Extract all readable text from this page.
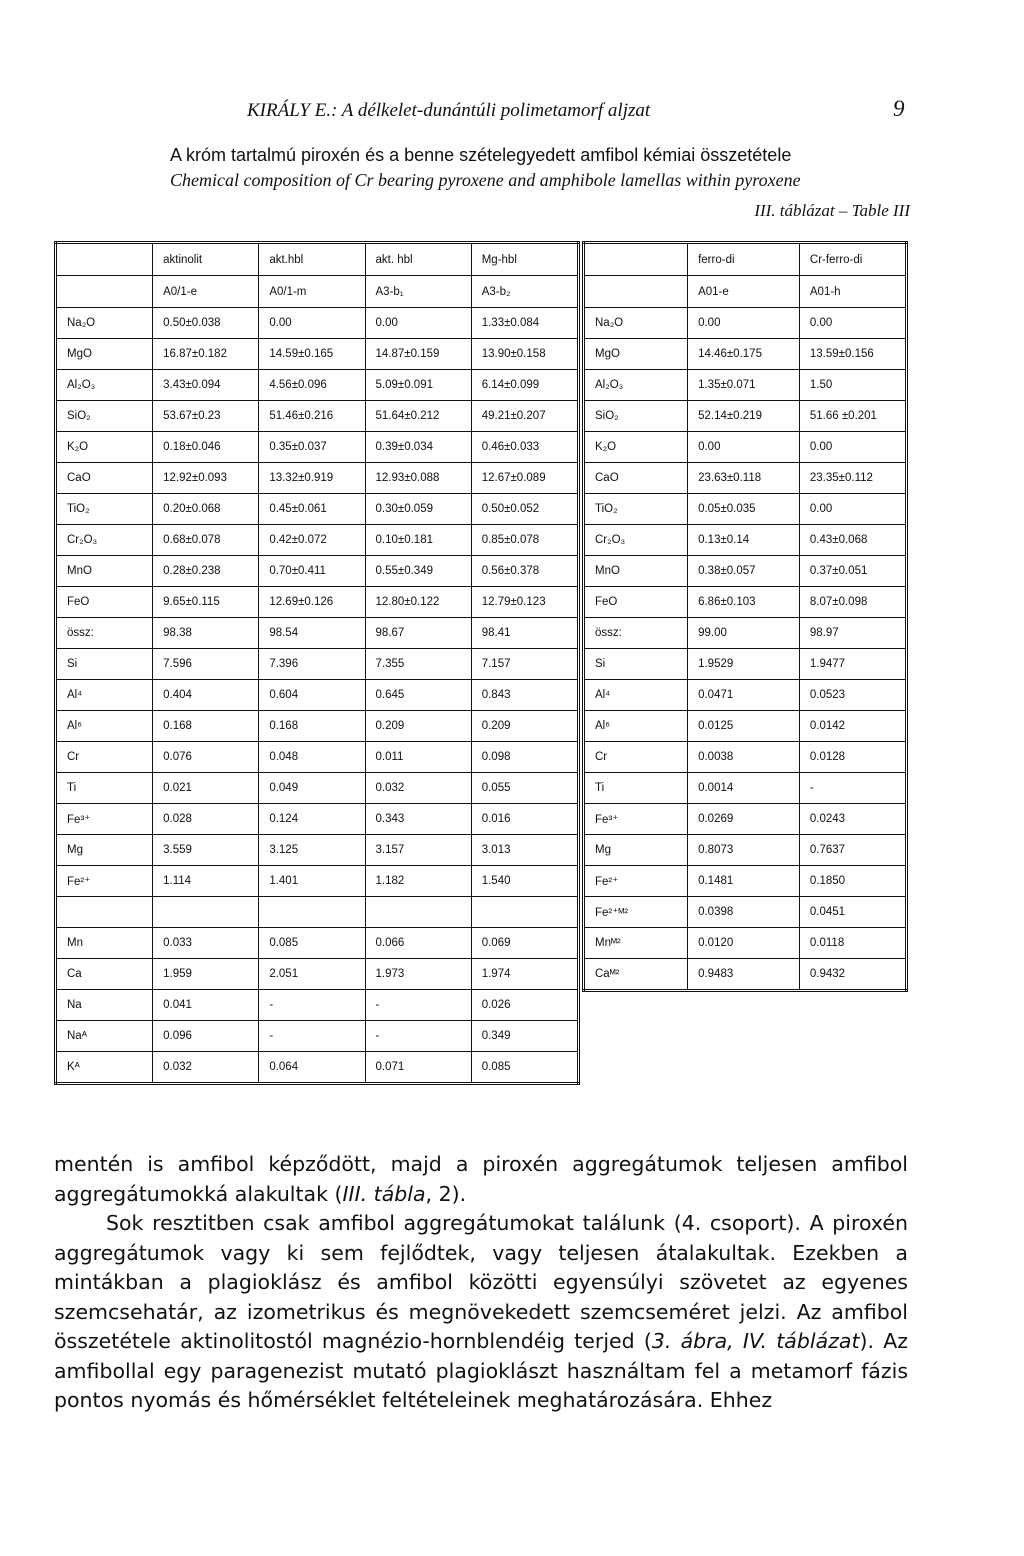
KIRÁLY E.: A délkelet-dunántúli polimetamorf aljzat	9
A króm tartalmú piroxén és a benne szételegyedett amfibol kémiai összetétele
Chemical composition of Cr bearing pyroxene and amphibole lamellas within pyroxene
III. táblázat – Table III
	aktinolit	akt.hbl	akt. hbl	Mg-hbl
	A0/1-e	A0/1-m	A3-b₁	A3-b₂
Na₂O	0.50±0.038	0.00	0.00	1.33±0.084
MgO	16.87±0.182	14.59±0.165	14.87±0.159	13.90±0.158
Al₂O₃	3.43±0.094	4.56±0.096	5.09±0.091	6.14±0.099
SiO₂	53.67±0.23	51.46±0.216	51.64±0.212	49.21±0.207
K₂O	0.18±0.046	0.35±0.037	0.39±0.034	0.46±0.033
CaO	12.92±0.093	13.32±0.919	12.93±0.088	12.67±0.089
TiO₂	0.20±0.068	0.45±0.061	0.30±0.059	0.50±0.052
Cr₂O₃	0.68±0.078	0.42±0.072	0.10±0.181	0.85±0.078
MnO	0.28±0.238	0.70±0.411	0.55±0.349	0.56±0.378
FeO	9.65±0.115	12.69±0.126	12.80±0.122	12.79±0.123
össz:	98.38	98.54	98.67	98.41
Si	7.596	7.396	7.355	7.157
Al⁴	0.404	0.604	0.645	0.843
Al⁶	0.168	0.168	0.209	0.209
Cr	0.076	0.048	0.011	0.098
Ti	0.021	0.049	0.032	0.055
Fe³⁺	0.028	0.124	0.343	0.016
Mg	3.559	3.125	3.157	3.013
Fe²⁺	1.114	1.401	1.182	1.540

Mn	0.033	0.085	0.066	0.069
Ca	1.959	2.051	1.973	1.974
Na	0.041	-	-	0.026
Naᴬ	0.096	-	-	0.349
Kᴬ	0.032	0.064	0.071	0.085
	ferro-di	Cr-ferro-di
	A01-e	A01-h
Na₂O	0.00	0.00
MgO	14.46±0.175	13.59±0.156
Al₂O₃	1.35±0.071	1.50
SiO₂	52.14±0.219	51.66 ±0.201
K₂O	0.00	0.00
CaO	23.63±0.118	23.35±0.112
TiO₂	0.05±0.035	0.00
Cr₂O₃	0.13±0.14	0.43±0.068
MnO	0.38±0.057	0.37±0.051
FeO	6.86±0.103	8.07±0.098
össz:	99.00	98.97
Si	1.9529	1.9477
Al⁴	0.0471	0.0523
Al⁶	0.0125	0.0142
Cr	0.0038	0.0128
Ti	0.0014	-
Fe³⁺	0.0269	0.0243
Mg	0.8073	0.7637
Fe²⁺	0.1481	0.1850
Fe²⁺ᴹ²	0.0398	0.0451
Mnᴹ²	0.0120	0.0118
Caᴹ²	0.9483	0.9432

mentén is amfibol képződött, majd a piroxén aggregátumok teljesen amfibol aggregátumokká alakultak (III. tábla, 2).

Sok resztitben csak amfibol aggregátumokat találunk (4. csoport). A piroxén aggregátumok vagy ki sem fejlődtek, vagy teljesen átalakultak. Ezekben a mintákban a plagioklász és amfibol közötti egyensúlyi szövetet az egyenes szemcsehatár, az izometrikus és megnövekedett szemcseméret jelzi. Az amfibol összetétele aktinolitostól magnézio-hornblendéig terjed (3. ábra, IV. táblázat). Az amfibollal egy paragenezist mutató plagioklászt használtam fel a metamorf fázis pontos nyomás és hőmérséklet feltételeinek meghatározására. Ehhez
